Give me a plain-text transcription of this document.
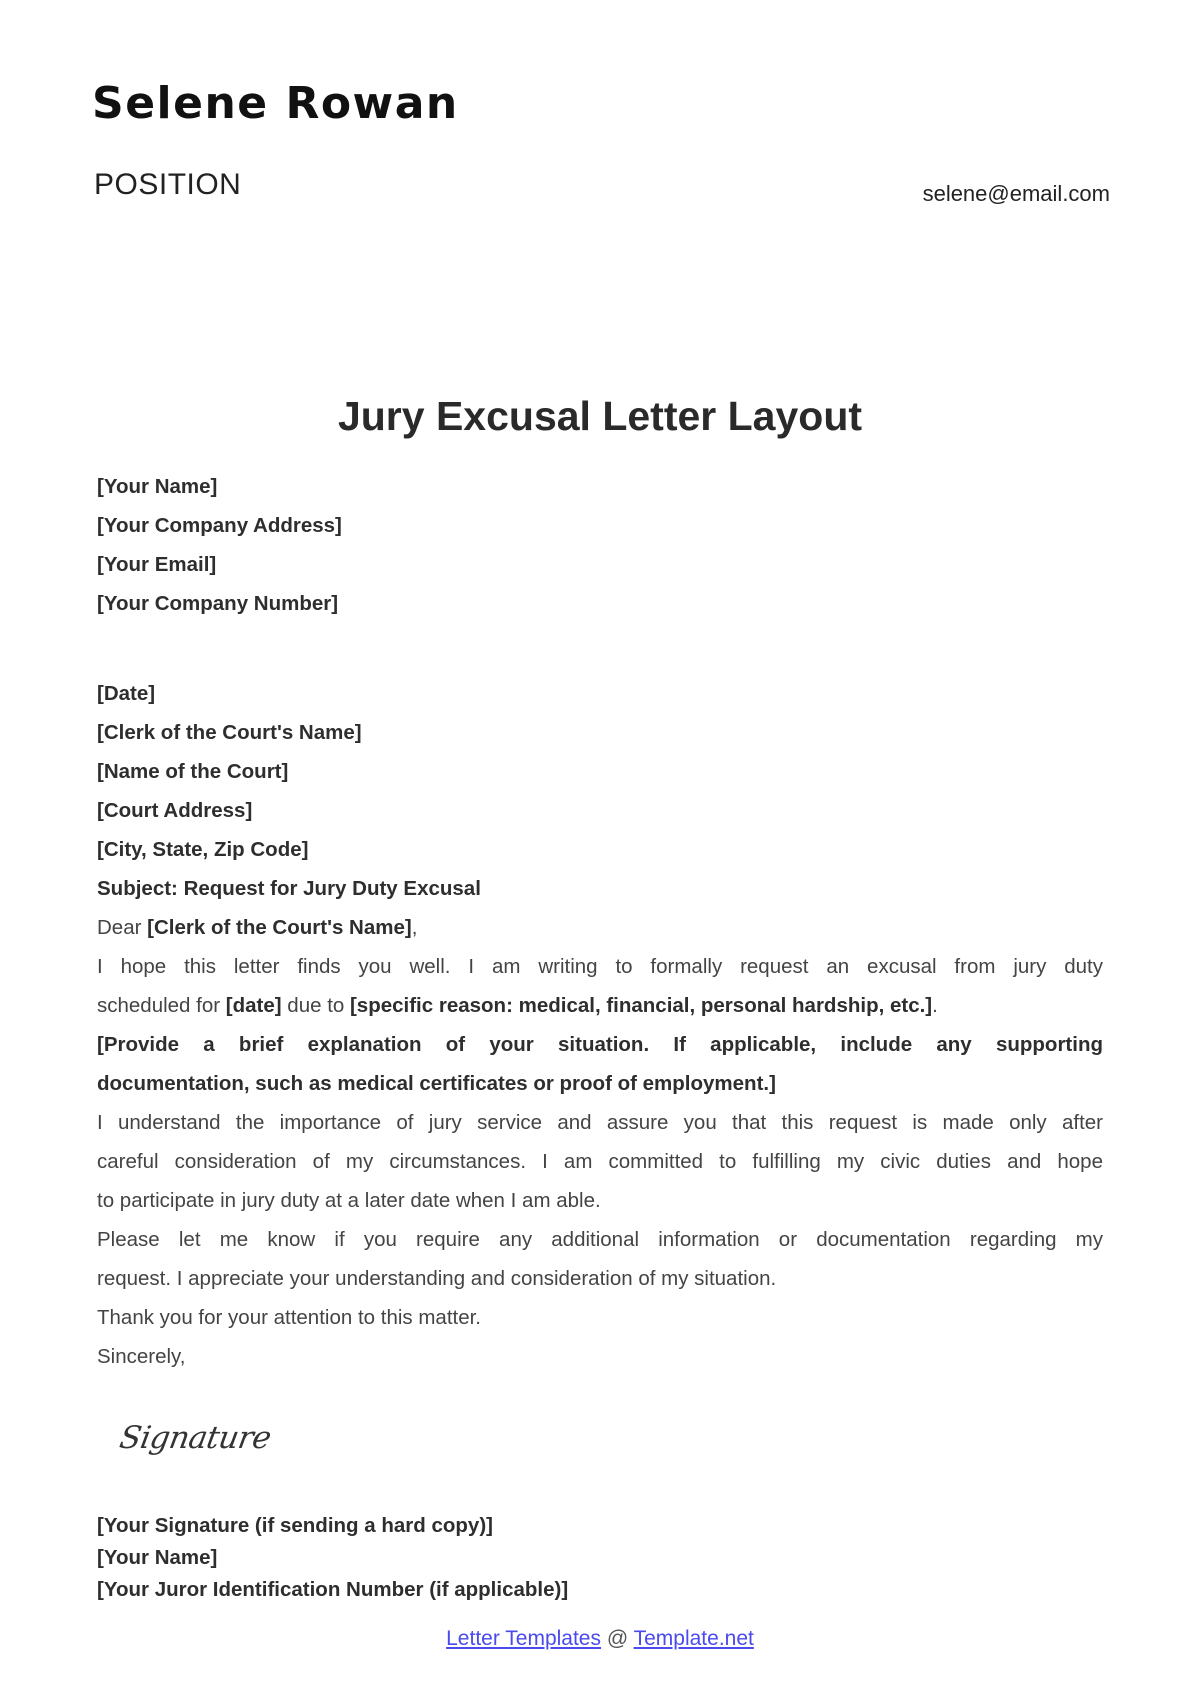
Selene Rowan
POSITION	selene@email.com
Jury Excusal Letter Layout
[Your Name]
[Your Company Address]
[Your Email]
[Your Company Number]
[Date]
[Clerk of the Court's Name]
[Name of the Court]
[Court Address]
[City, State, Zip Code]
Subject: Request for Jury Duty Excusal
Dear [Clerk of the Court's Name],
I hope this letter finds you well. I am writing to formally request an excusal from jury duty
scheduled for [date] due to [specific reason: medical, financial, personal hardship, etc.].
[Provide a brief explanation of your situation. If applicable, include any supporting
documentation, such as medical certificates or proof of employment.]
I understand the importance of jury service and assure you that this request is made only after
careful consideration of my circumstances. I am committed to fulfilling my civic duties and hope
to participate in jury duty at a later date when I am able.
Please let me know if you require any additional information or documentation regarding my
request. I appreciate your understanding and consideration of my situation.
Thank you for your attention to this matter.
Sincerely,
Signature
[Your Signature (if sending a hard copy)]
[Your Name]
[Your Juror Identification Number (if applicable)]
Letter Templates @ Template.net
